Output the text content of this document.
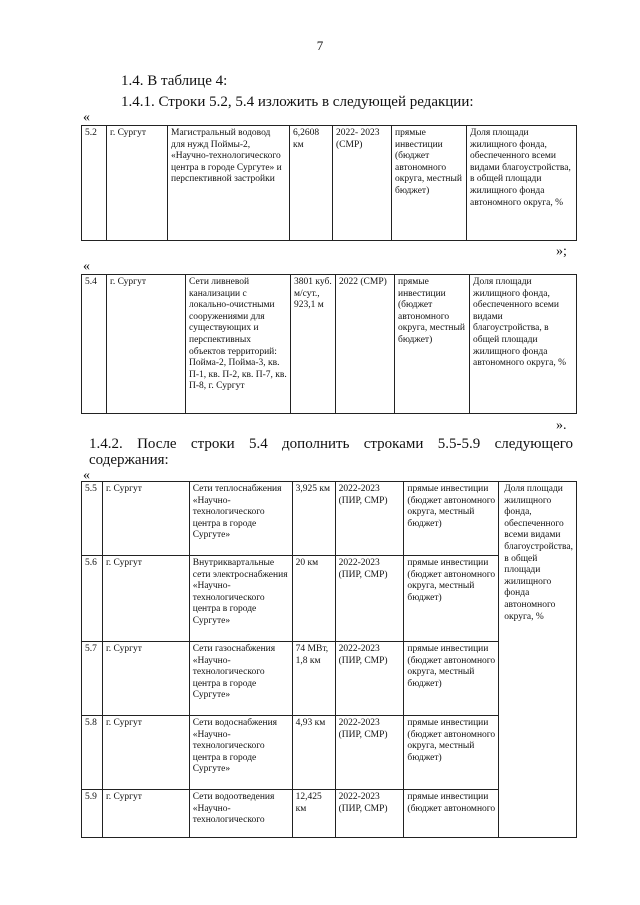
7
1.4. В таблице 4:
1.4.1. Строки 5.2, 5.4 изложить в следующей редакции:
«
5.2	г. Сургут	Магистральный водовод для нужд Поймы-2, «Научно-технологического центра в городе Сургуте» и перспективной застройки	6,2608 км	2022- 2023 (СМР)	прямые инвестиции (бюджет автономного округа, местный бюджет)	Доля площади жилищного фонда, обеспеченного всеми видами благоустройства, в общей площади жилищного фонда автономного округа, %
»;
«
5.4	г. Сургут	Сети ливневой канализации с локально-очистными сооружениями для существующих и перспективных объектов территорий: Пойма-2, Пойма-3, кв. П-1, кв. П-2, кв. П-7, кв. П-8, г. Сургут	3801 куб. м/сут., 923,1 м	2022 (СМР)	прямые инвестиции (бюджет автономного округа, местный бюджет)	Доля площади жилищного фонда, обеспеченного всеми видами благоустройства, в общей площади жилищного фонда автономного округа, %
».
1.4.2. После строки 5.4 дополнить строками 5.5-5.9 следующего
содержания:
«
5.5	г. Сургут	Сети теплоснабжения «Научно-технологического центра в городе Сургуте»	3,925 км	2022-2023 (ПИР, СМР)	прямые инвестиции (бюджет автономного округа, местный бюджет)	Доля площади жилищного фонда, обеспеченного всеми видами благоустройства, в общей площади жилищного фонда автономного округа, %
5.6	г. Сургут	Внутриквартальные сети электроснабжения «Научно-технологического центра в городе Сургуте»	20 км	2022-2023 (ПИР, СМР)	прямые инвестиции (бюджет автономного округа, местный бюджет)	
5.7	г. Сургут	Сети газоснабжения «Научно-технологического центра в городе Сургуте»	74 МВт, 1,8 км	2022-2023 (ПИР, СМР)	прямые инвестиции (бюджет автономного округа, местный бюджет)	
5.8	г. Сургут	Сети водоснабжения «Научно-технологического центра в городе Сургуте»	4,93 км	2022-2023 (ПИР, СМР)	прямые инвестиции (бюджет автономного округа, местный бюджет)	
5.9	г. Сургут	Сети водоотведения «Научно-технологического	12,425 км	2022-2023 (ПИР, СМР)	прямые инвестиции (бюджет автономного	
